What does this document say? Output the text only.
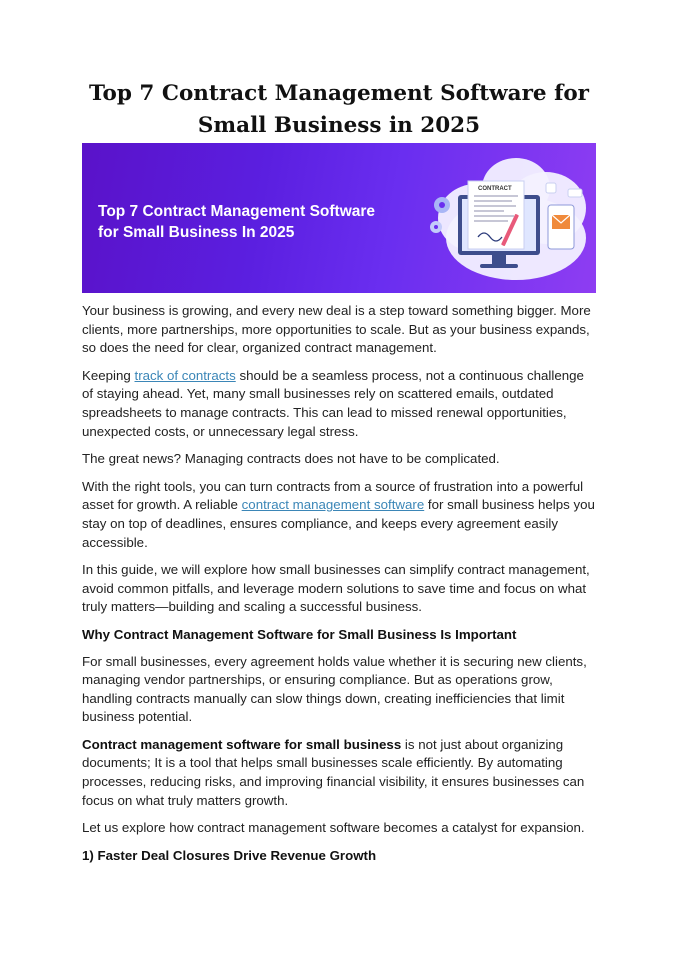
Top 7 Contract Management Software for Small Business in 2025
Top 7 Contract Management Software
for Small Business In 2025
CONTRACT

Your business is growing, and every new deal is a step toward something bigger. More clients, more partnerships, more opportunities to scale. But as your business expands, so does the need for clear, organized contract management.

Keeping track of contracts should be a seamless process, not a continuous challenge of staying ahead. Yet, many small businesses rely on scattered emails, outdated spreadsheets to manage contracts. This can lead to missed renewal opportunities, unexpected costs, or unnecessary legal stress.

The great news? Managing contracts does not have to be complicated.

With the right tools, you can turn contracts from a source of frustration into a powerful asset for growth. A reliable contract management software for small business helps you stay on top of deadlines, ensures compliance, and keeps every agreement easily accessible.

In this guide, we will explore how small businesses can simplify contract management, avoid common pitfalls, and leverage modern solutions to save time and focus on what truly matters—building and scaling a successful business.

Why Contract Management Software for Small Business Is Important

For small businesses, every agreement holds value whether it is securing new clients, managing vendor partnerships, or ensuring compliance. But as operations grow, handling contracts manually can slow things down, creating inefficiencies that limit business potential.

Contract management software for small business is not just about organizing documents; It is a tool that helps small businesses scale efficiently. By automating processes, reducing risks, and improving financial visibility, it ensures businesses can focus on what truly matters growth.

Let us explore how contract management software becomes a catalyst for expansion.

1) Faster Deal Closures Drive Revenue Growth
